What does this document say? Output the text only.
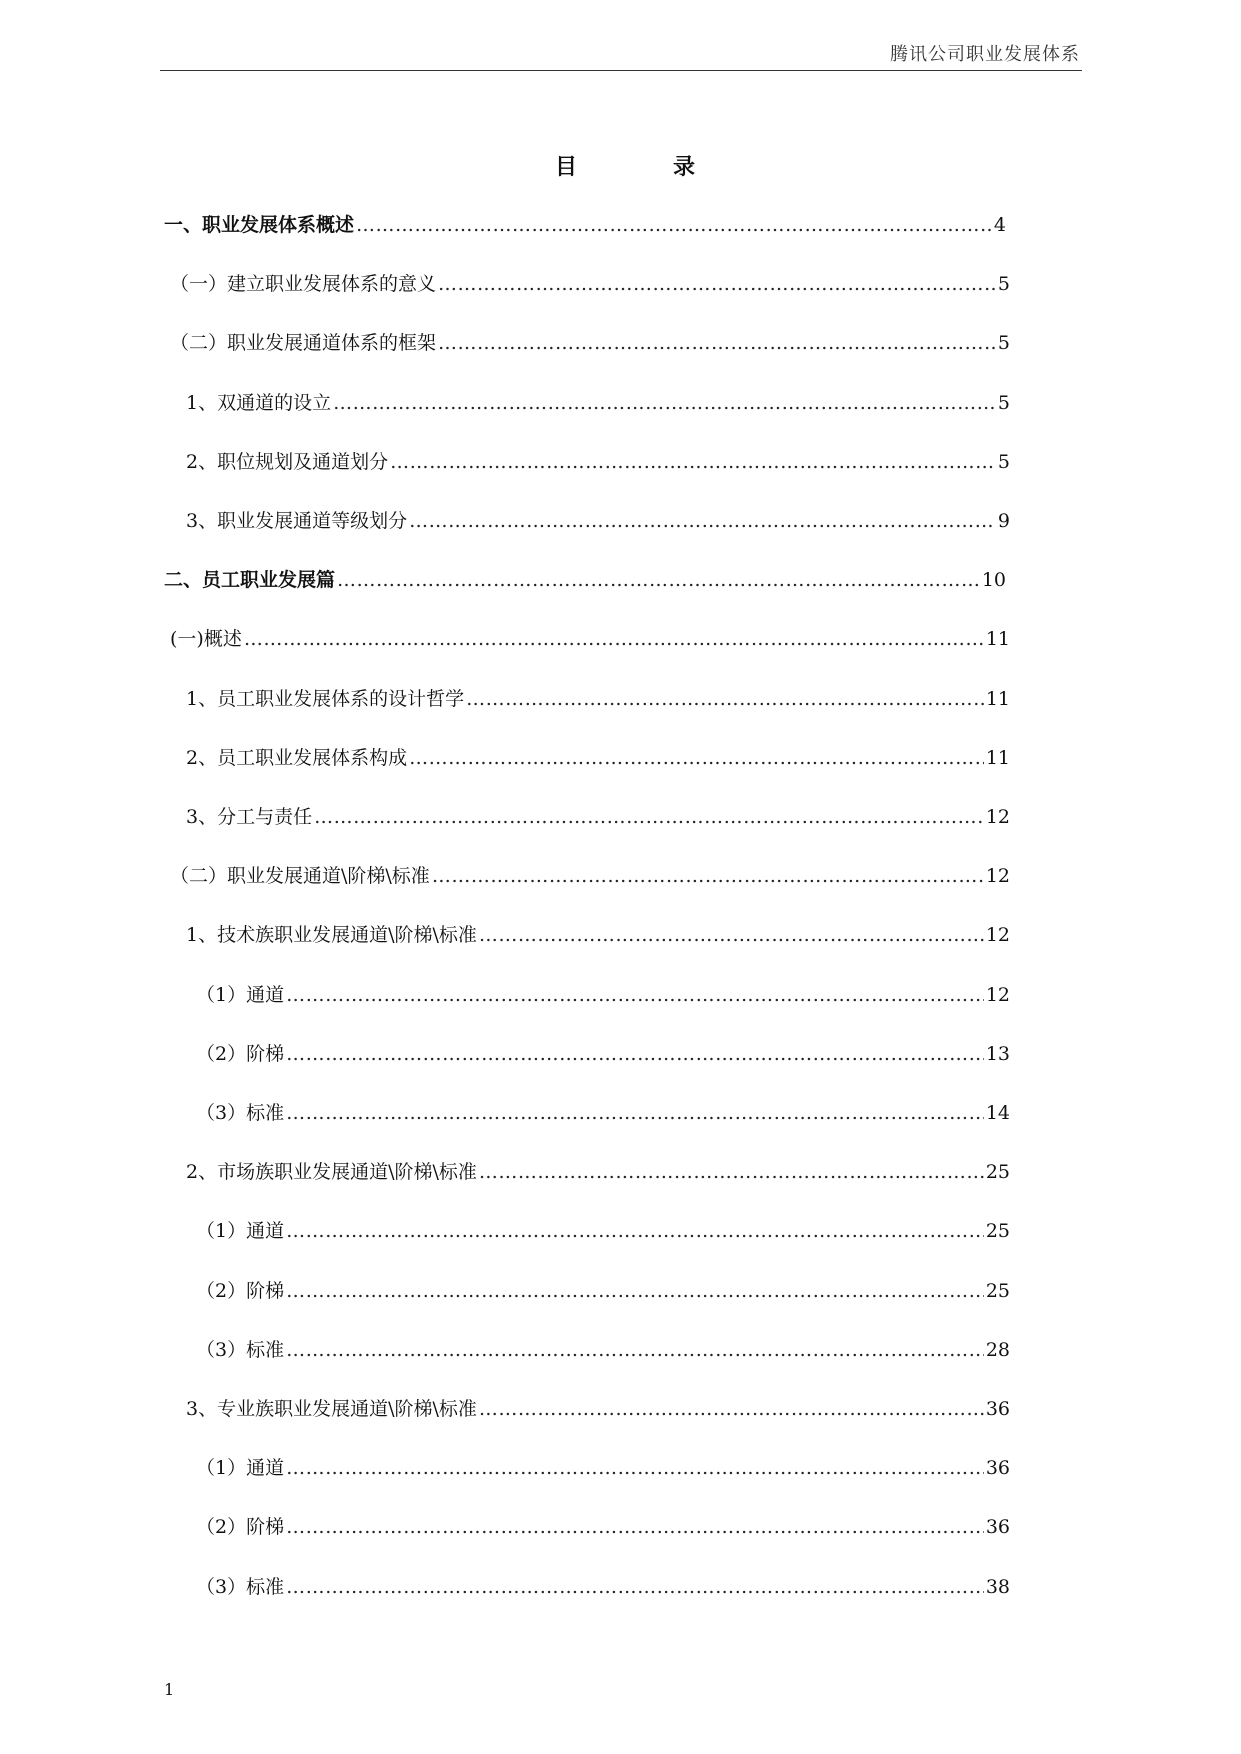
腾讯公司职业发展体系
目	录
一、职业发展体系概述 ……………………………………………………………………………………………………………………………………………………………………………………………………………………………………………………	4
（一）建立职业发展体系的意义 ……………………………………………………………………………………………………………………………………………………………………………………………………………………………………………………	5
（二）职业发展通道体系的框架 ……………………………………………………………………………………………………………………………………………………………………………………………………………………………………………………	5
1、双通道的设立 ……………………………………………………………………………………………………………………………………………………………………………………………………………………………………………………	5
2、职位规划及通道划分 ……………………………………………………………………………………………………………………………………………………………………………………………………………………………………………………	5
3、职业发展通道等级划分 ……………………………………………………………………………………………………………………………………………………………………………………………………………………………………………………	9
二、员工职业发展篇 ……………………………………………………………………………………………………………………………………………………………………………………………………………………………………………………	10
(一)概述 ……………………………………………………………………………………………………………………………………………………………………………………………………………………………………………………	11
1、员工职业发展体系的设计哲学 ……………………………………………………………………………………………………………………………………………………………………………………………………………………………………………………	11
2、员工职业发展体系构成 ……………………………………………………………………………………………………………………………………………………………………………………………………………………………………………………	11
3、分工与责任 ……………………………………………………………………………………………………………………………………………………………………………………………………………………………………………………	12
（二）职业发展通道\阶梯\标准 ……………………………………………………………………………………………………………………………………………………………………………………………………………………………………………………	12
1、技术族职业发展通道\阶梯\标准 ……………………………………………………………………………………………………………………………………………………………………………………………………………………………………………………	12
（1）通道 ……………………………………………………………………………………………………………………………………………………………………………………………………………………………………………………	12
（2）阶梯 ……………………………………………………………………………………………………………………………………………………………………………………………………………………………………………………	13
（3）标准 ……………………………………………………………………………………………………………………………………………………………………………………………………………………………………………………	14
2、市场族职业发展通道\阶梯\标准 ……………………………………………………………………………………………………………………………………………………………………………………………………………………………………………………	25
（1）通道 ……………………………………………………………………………………………………………………………………………………………………………………………………………………………………………………	25
（2）阶梯 ……………………………………………………………………………………………………………………………………………………………………………………………………………………………………………………	25
（3）标准 ……………………………………………………………………………………………………………………………………………………………………………………………………………………………………………………	28
3、专业族职业发展通道\阶梯\标准 ……………………………………………………………………………………………………………………………………………………………………………………………………………………………………………………	36
（1）通道 ……………………………………………………………………………………………………………………………………………………………………………………………………………………………………………………	36
（2）阶梯 ……………………………………………………………………………………………………………………………………………………………………………………………………………………………………………………	36
（3）标准 ……………………………………………………………………………………………………………………………………………………………………………………………………………………………………………………	38
1
